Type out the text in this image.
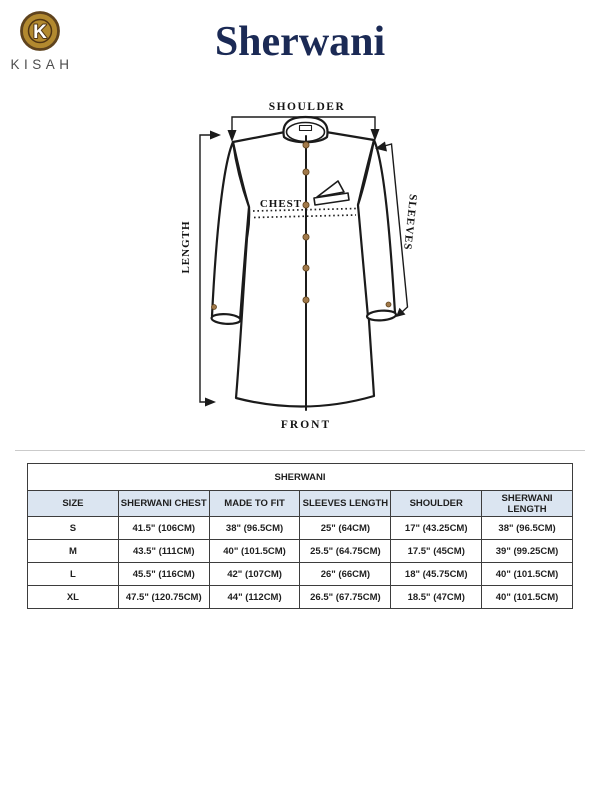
K
KISAH	Sherwani
SHOULDER
CHEST
LENGTH	SLEEVES
FRONT
SHERWANI					
SIZE	SHERWANI CHEST	MADE TO FIT	SLEEVES LENGTH	SHOULDER	SHERWANI LENGTH
S	41.5" (106CM)	38" (96.5CM)	25" (64CM)	17" (43.25CM)	38" (96.5CM)
M	43.5" (111CM)	40" (101.5CM)	25.5" (64.75CM)	17.5" (45CM)	39" (99.25CM)
L	45.5" (116CM)	42" (107CM)	26" (66CM)	18" (45.75CM)	40" (101.5CM)
XL	47.5" (120.75CM)	44" (112CM)	26.5" (67.75CM)	18.5" (47CM)	40" (101.5CM)
